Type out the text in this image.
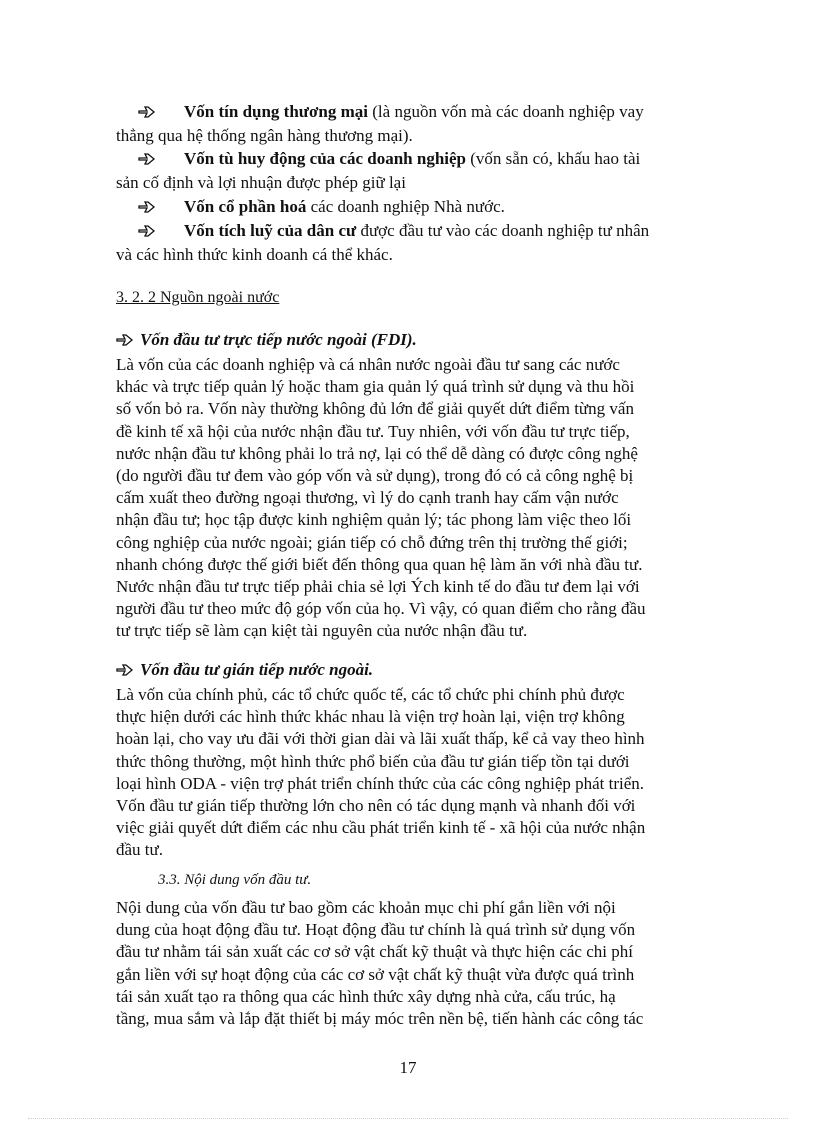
Vốn tín dụng thương mại (là nguồn vốn mà các doanh nghiệp vay
thẳng qua hệ thống ngân hàng thương mại).
Vốn tù huy động của các doanh nghiệp (vốn sẵn có, khấu hao tài
sản cố định và lợi nhuận được phép giữ lại
Vốn cổ phần hoá các doanh nghiệp Nhà nước.
Vốn tích luỹ của dân cư được đầu tư vào các doanh nghiệp tư nhân
và các hình thức kinh doanh cá thể khác.
3. 2. 2 Nguồn ngoài nước
Vốn đầu tư trực tiếp nước ngoài (FDI).
Là vốn của các doanh nghiệp và cá nhân nước ngoài đầu tư sang các nước
khác và trực tiếp quản lý hoặc tham gia quản lý quá trình sử dụng và thu hồi
số vốn bỏ ra. Vốn này thường không đủ lớn để giải quyết dứt điểm từng vấn
đề kinh tế xã hội của nước nhận đầu tư. Tuy nhiên, với vốn đầu tư trực tiếp,
nước nhận đầu tư không phải lo trả nợ, lại có thể dễ dàng có được công nghệ
(do người đầu tư đem vào góp vốn và sử dụng), trong đó có cả công nghệ bị
cấm xuất theo đường ngoại thương, vì lý do cạnh tranh hay cấm vận nước
nhận đầu tư; học tập được kinh nghiệm quản lý; tác phong làm việc theo lối
công nghiệp của nước ngoài; gián tiếp có chỗ đứng trên thị trường thế giới;
nhanh chóng được thế giới biết đến thông qua quan hệ làm ăn với nhà đầu tư.
Nước nhận đầu tư trực tiếp phải chia sẻ lợi Ých kinh tế do đầu tư đem lại với
người đầu tư theo mức độ góp vốn của họ. Vì vậy, có quan điểm cho rằng đầu
tư trực tiếp sẽ làm cạn kiệt tài nguyên của nước nhận đầu tư.
Vốn đầu tư gián tiếp nước ngoài.
Là vốn của chính phủ, các tổ chức quốc tế, các tổ chức phi chính phủ được
thực hiện dưới các hình thức khác nhau là viện trợ hoàn lại, viện trợ không
hoàn lại, cho vay ưu đãi với thời gian dài và lãi xuất thấp, kể cả vay theo hình
thức thông thường, một hình thức phổ biến của đầu tư gián tiếp tồn tại dưới
loại hình ODA - viện trợ phát triển chính thức của các công nghiệp phát triển.
Vốn đầu tư gián tiếp thường lớn cho nên có tác dụng mạnh và nhanh đối với
việc giải quyết dứt điểm các nhu cầu phát triển kinh tế - xã hội của nước nhận
đầu tư.
3.3. Nội dung vốn đầu tư.
Nội dung của vốn đầu tư bao gồm các khoản mục chi phí gắn liền với nội
dung của hoạt động đầu tư. Hoạt động đầu tư chính là quá trình sử dụng vốn
đầu tư nhằm tái sản xuất các cơ sở vật chất kỹ thuật và thực hiện các chi phí
gắn liền với sự hoạt động của các cơ sở vật chất kỹ thuật vừa được quá trình
tái sản xuất tạo ra thông qua các hình thức xây dựng nhà cửa, cấu trúc, hạ
tầng, mua sắm và lắp đặt thiết bị máy móc trên nền bệ, tiến hành các công tác
17
